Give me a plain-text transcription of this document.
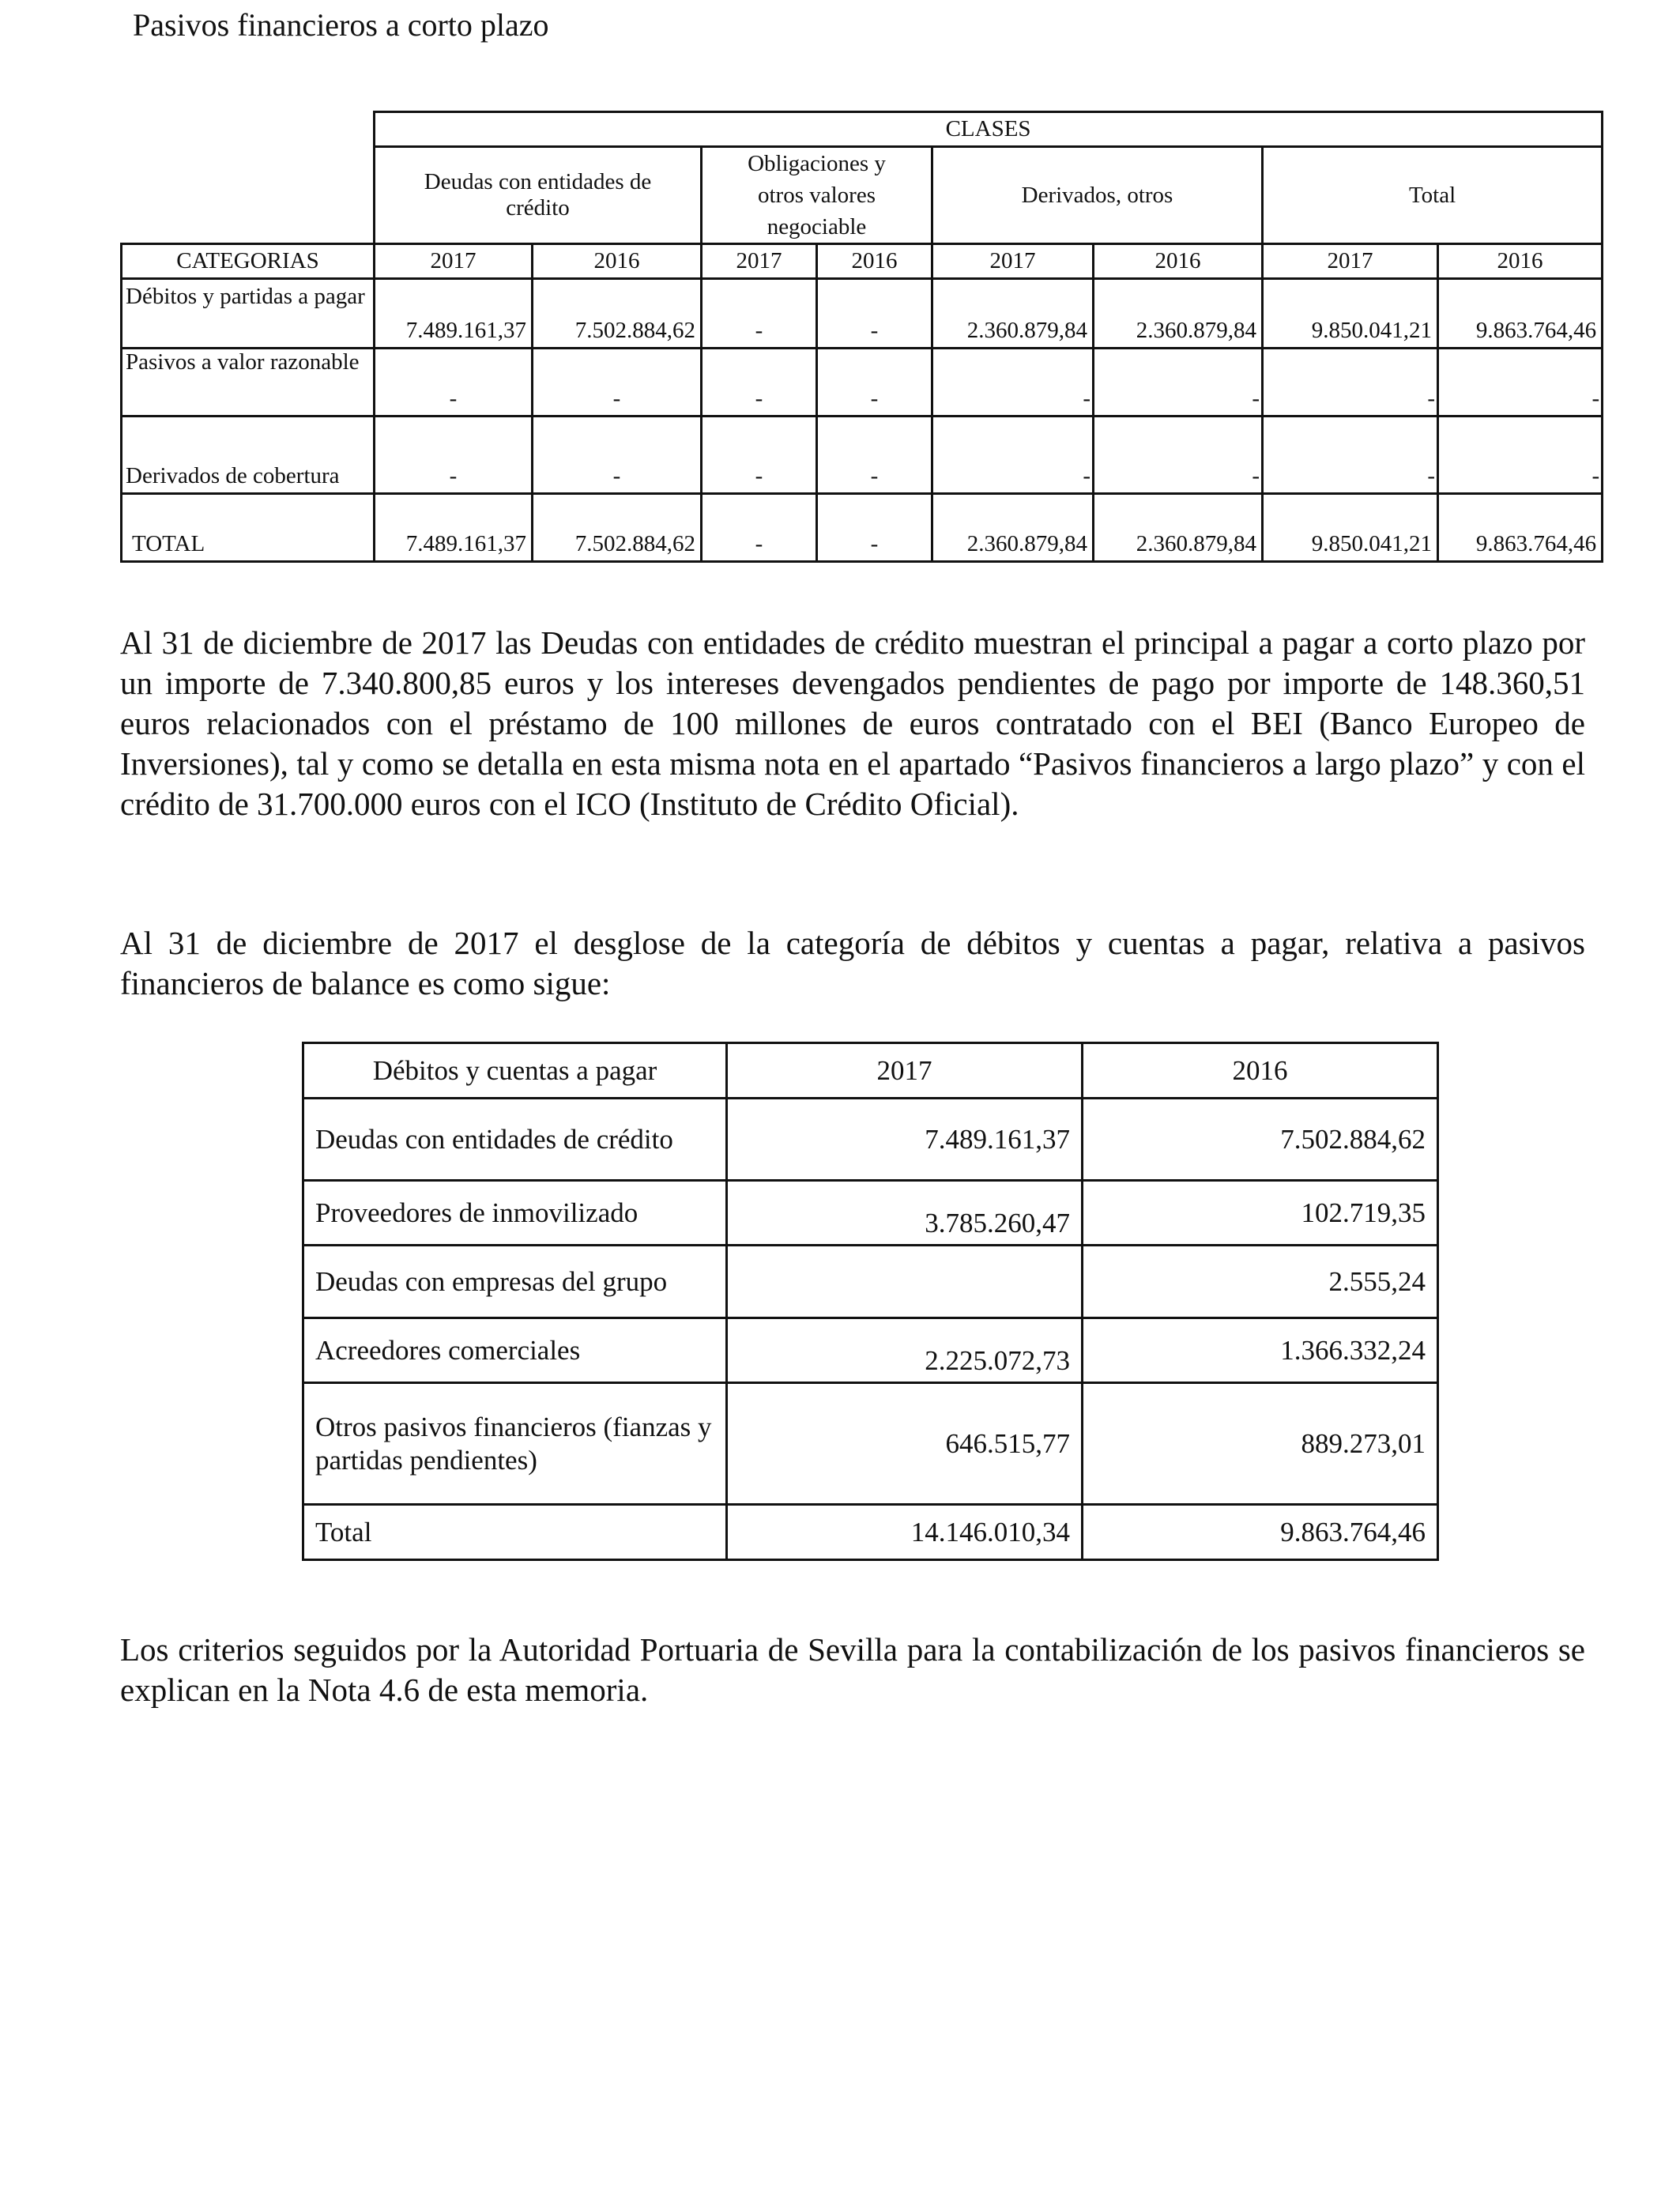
Pasivos financieros a corto plazo
	CLASES							
	Deudas con entidades de crédito		Obligaciones y otros valores negociable		Derivados, otros		Total	
CATEGORIAS	2017	2016	2017	2016	2017	2016	2017	2016
Débitos y partidas a pagar	7.489.161,37	7.502.884,62	-	-	2.360.879,84	2.360.879,84	9.850.041,21	9.863.764,46
Pasivos a valor razonable	-	-	-	-	-	-	-	-
Derivados de cobertura	-	-	-	-	-	-	-	-
TOTAL	7.489.161,37	7.502.884,62	-	-	2.360.879,84	2.360.879,84	9.850.041,21	9.863.764,46

Al 31 de diciembre de 2017 las Deudas con entidades de crédito muestran el principal a pagar a corto plazo por un importe de 7.340.800,85 euros y los intereses devengados pendientes de pago por importe de 148.360,51 euros relacionados con el préstamo de 100 millones de euros contratado con el BEI (Banco Europeo de Inversiones), tal y como se detalla en esta misma nota en el apartado “Pasivos financieros a largo plazo” y con el crédito de 31.700.000 euros con el ICO (Instituto de Crédito Oficial).

Al 31 de diciembre de 2017 el desglose de la categoría de débitos y cuentas a pagar, relativa a pasivos financieros de balance es como sigue:

Débitos y cuentas a pagar	2017	2016
Deudas con entidades de crédito	7.489.161,37	7.502.884,62
Proveedores de inmovilizado	3.785.260,47	102.719,35
Deudas con empresas del grupo		2.555,24
Acreedores comerciales	2.225.072,73	1.366.332,24
Otros pasivos financieros (fianzas y partidas pendientes)	646.515,77	889.273,01
Total	14.146.010,34	9.863.764,46

Los criterios seguidos por la Autoridad Portuaria de Sevilla para la contabilización de los pasivos financieros se explican en la Nota 4.6 de esta memoria.
